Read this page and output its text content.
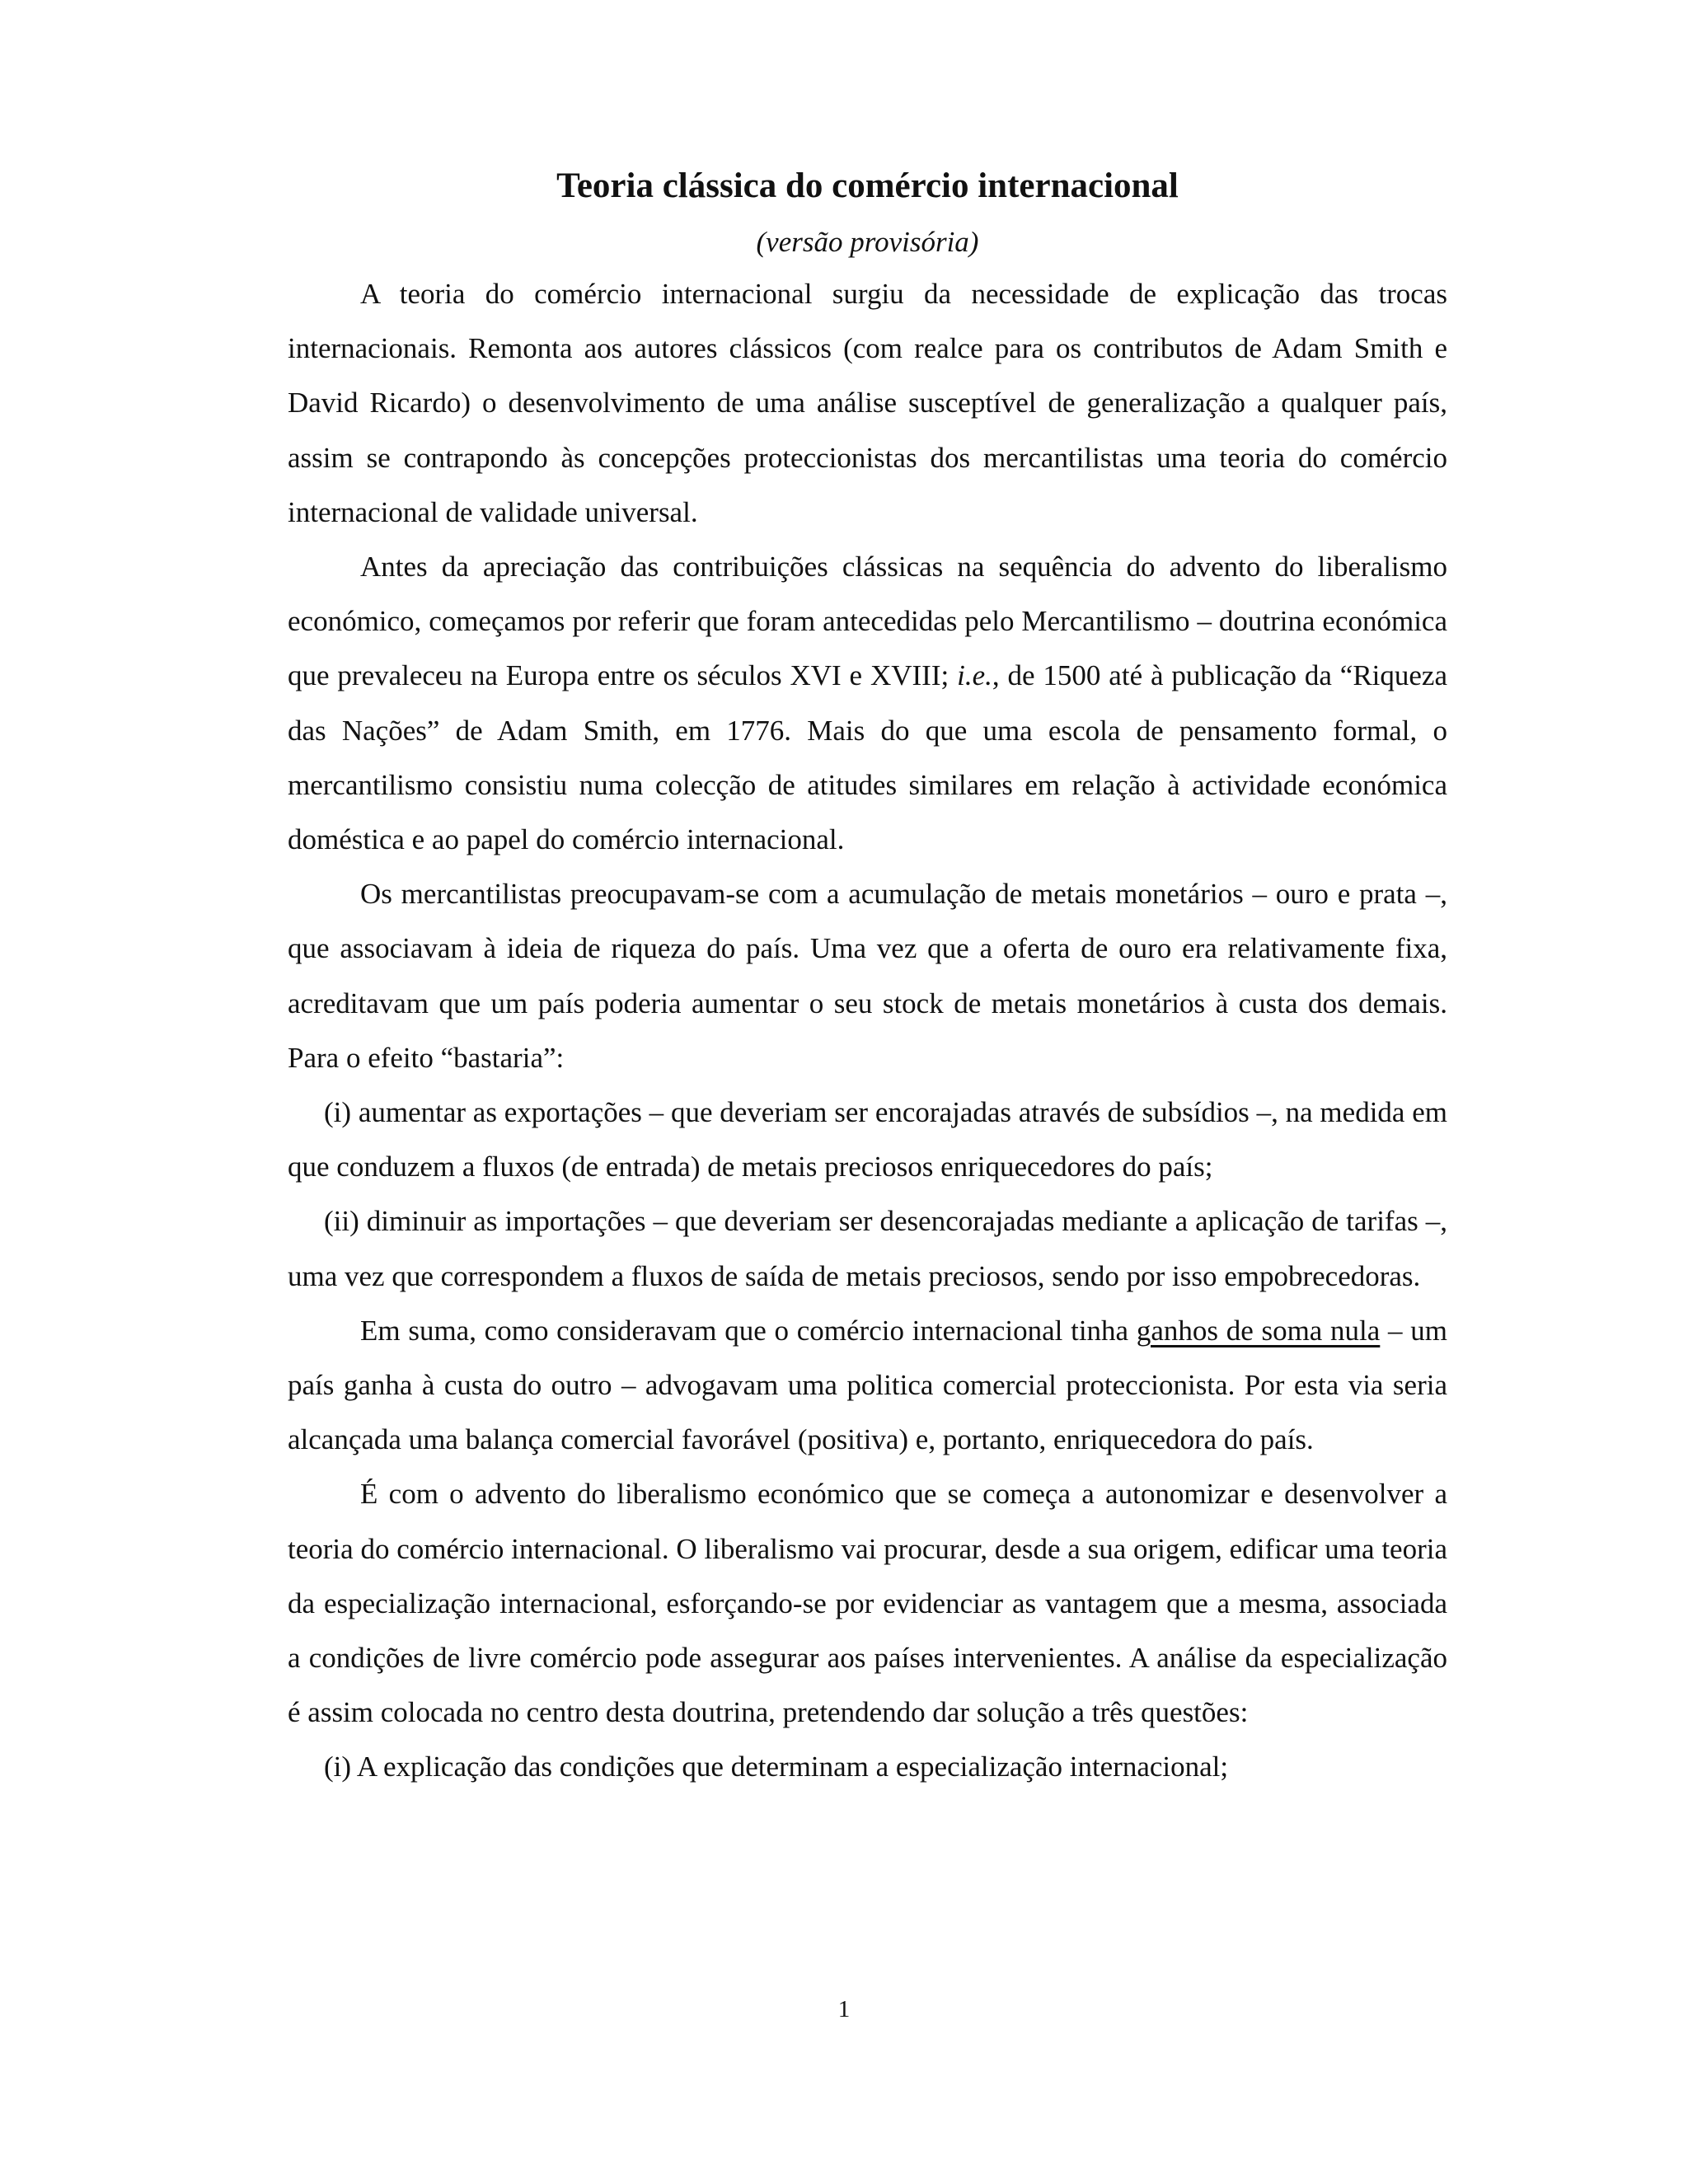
Teoria clássica do comércio internacional
(versão provisória)

A teoria do comércio internacional surgiu da necessidade de explicação das trocas internacionais. Remonta aos autores clássicos (com realce para os contributos de Adam Smith e David Ricardo) o desenvolvimento de uma análise susceptível de generalização a qualquer país, assim se contrapondo às concepções proteccionistas dos mercantilistas uma teoria do comércio internacional de validade universal.

Antes da apreciação das contribuições clássicas na sequência do advento do liberalismo económico, começamos por referir que foram antecedidas pelo Mercantilismo – doutrina económica que prevaleceu na Europa entre os séculos XVI e XVIII; i.e., de 1500 até à publicação da “Riqueza das Nações” de Adam Smith, em 1776. Mais do que uma escola de pensamento formal, o mercantilismo consistiu numa colecção de atitudes similares em relação à actividade económica doméstica e ao papel do comércio internacional.

Os mercantilistas preocupavam-se com a acumulação de metais monetários – ouro e prata –, que associavam à ideia de riqueza do país. Uma vez que a oferta de ouro era relativamente fixa, acreditavam que um país poderia aumentar o seu stock de metais monetários à custa dos demais. Para o efeito “bastaria”:

(i) aumentar as exportações – que deveriam ser encorajadas através de subsídios –, na medida em que conduzem a fluxos (de entrada) de metais preciosos enriquecedores do país;

(ii) diminuir as importações – que deveriam ser desencorajadas mediante a aplicação de tarifas –, uma vez que correspondem a fluxos de saída de metais preciosos, sendo por isso empobrecedoras.

Em suma, como consideravam que o comércio internacional tinha ganhos de soma nula – um país ganha à custa do outro – advogavam uma politica comercial proteccionista. Por esta via seria alcançada uma balança comercial favorável (positiva) e, portanto, enriquecedora do país.

É com o advento do liberalismo económico que se começa a autonomizar e desenvolver a teoria do comércio internacional. O liberalismo vai procurar, desde a sua origem, edificar uma teoria da especialização internacional, esforçando-se por evidenciar as vantagem que a mesma, associada a condições de livre comércio pode assegurar aos países intervenientes. A análise da especialização é assim colocada no centro desta doutrina, pretendendo dar solução a três questões:

(i) A explicação das condições que determinam a especialização internacional;

1
